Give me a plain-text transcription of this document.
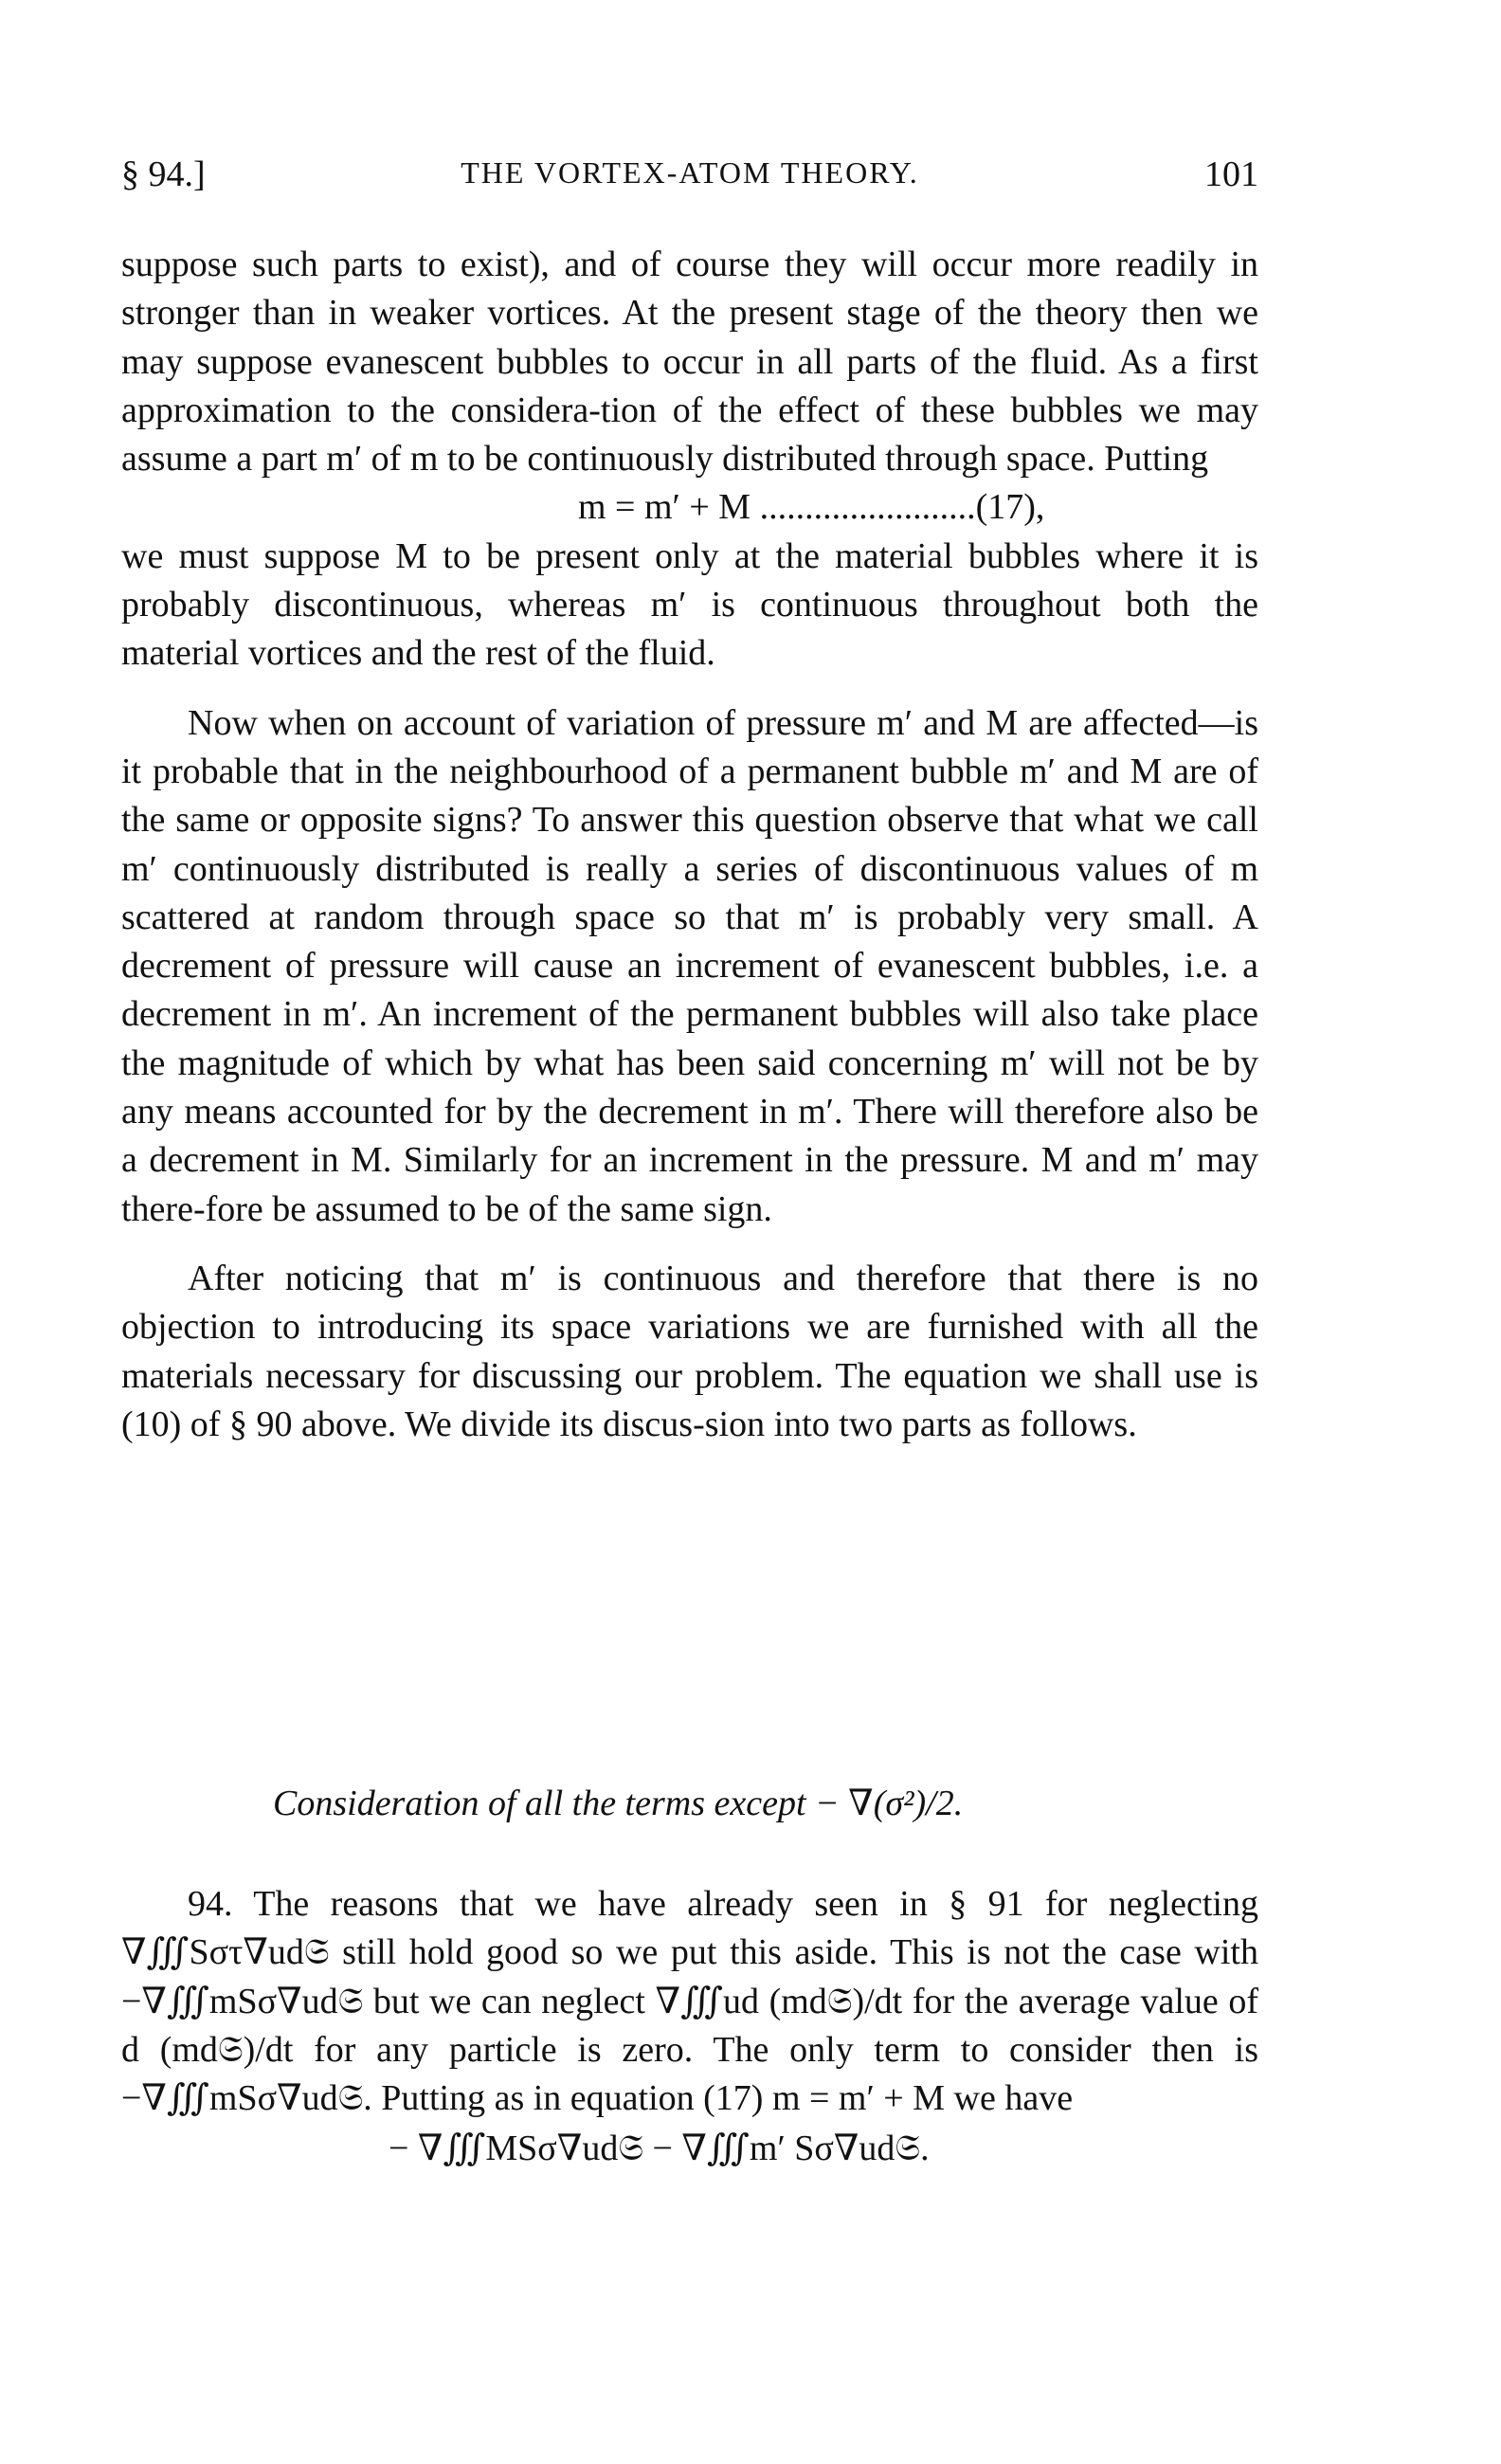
§ 94.]	THE VORTEX-ATOM THEORY.	101
suppose such parts to exist), and of course they will occur more readily in stronger than in weaker vortices. At the present stage of the theory then we may suppose evanescent bubbles to occur in all parts of the fluid. As a first approximation to the considera-tion of the effect of these bubbles we may assume a part m′ of m to be continuously distributed through space. Putting
m = m′ + M ........................(17),
we must suppose M to be present only at the material bubbles where it is probably discontinuous, whereas m′ is continuous throughout both the material vortices and the rest of the fluid.
Now when on account of variation of pressure m′ and M are affected—is it probable that in the neighbourhood of a permanent bubble m′ and M are of the same or opposite signs? To answer this question observe that what we call m′ continuously distributed is really a series of discontinuous values of m scattered at random through space so that m′ is probably very small. A decrement of pressure will cause an increment of evanescent bubbles, i.e. a decrement in m′. An increment of the permanent bubbles will also take place the magnitude of which by what has been said concerning m′ will not be by any means accounted for by the decrement in m′. There will therefore also be a decrement in M. Similarly for an increment in the pressure. M and m′ may there-fore be assumed to be of the same sign.
After noticing that m′ is continuous and therefore that there is no objection to introducing its space variations we are furnished with all the materials necessary for discussing our problem. The equation we shall use is (10) of § 90 above. We divide its discus-sion into two parts as follows.
Consideration of all the terms except − ∇(σ²)/2.
94. The reasons that we have already seen in § 91 for neglecting ∇∭Sστ∇ud𝔖 still hold good so we put this aside. This is not the case with −∇∭mSσ∇ud𝔖 but we can neglect ∇∭ud (md𝔖)/dt for the average value of d (md𝔖)/dt for any particle is zero. The only term to consider then is −∇∭mSσ∇ud𝔖. Putting as in equation (17) m = m′ + M we have
− ∇∭MSσ∇ud𝔖 − ∇∭m′ Sσ∇ud𝔖.
